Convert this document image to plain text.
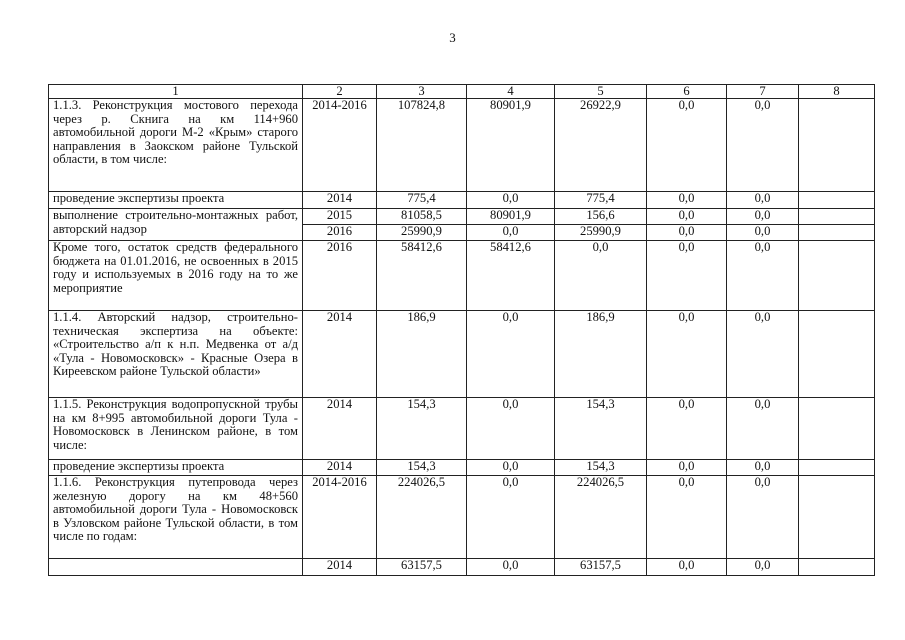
3
1	2	3	4	5	6	7	8
1.1.3. Реконструкция мостового перехода через р. Скнига на км 114+960 автомобильной дороги М-2 «Крым» старого направления в Заокском районе Тульской области, в том числе:	2014-2016	107824,8	80901,9	26922,9	0,0	0,0	
проведение экспертизы проекта	2014	775,4	0,0	775,4	0,0	0,0	
выполнение строительно-монтажных работ, авторский надзор	2015	81058,5	80901,9	156,6	0,0	0,0	
	2016	25990,9	0,0	25990,9	0,0	0,0	
Кроме того, остаток средств федерального бюджета на 01.01.2016, не освоенных в 2015 году и используемых в 2016 году на то же мероприятие	2016	58412,6	58412,6	0,0	0,0	0,0	
1.1.4. Авторский надзор, строительно-техническая экспертиза на объекте: «Строительство а/п к н.п. Медвенка от а/д «Тула - Новомосковск» - Красные Озера в Киреевском районе Тульской области»	2014	186,9	0,0	186,9	0,0	0,0	
1.1.5. Реконструкция водопропускной трубы на км 8+995 автомобильной дороги Тула - Новомосковск в Ленинском районе, в том числе:	2014	154,3	0,0	154,3	0,0	0,0	
проведение экспертизы проекта	2014	154,3	0,0	154,3	0,0	0,0	
1.1.6. Реконструкция путепровода через железную дорогу на км 48+560 автомобильной дороги Тула - Новомосковск в Узловском районе Тульской области, в том числе по годам:	2014-2016	224026,5	0,0	224026,5	0,0	0,0	
	2014	63157,5	0,0	63157,5	0,0	0,0	
